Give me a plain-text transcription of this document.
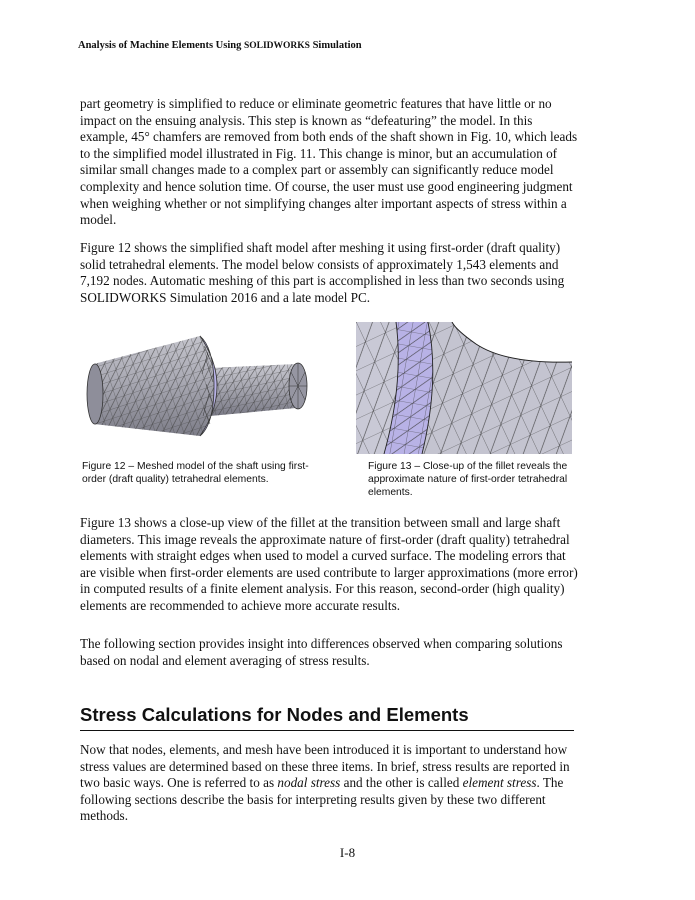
Analysis of Machine Elements Using SOLIDWORKS Simulation

part geometry is simplified to reduce or eliminate geometric features that have little or no impact on the ensuing analysis. This step is known as “defeaturing” the model. In this example, 45° chamfers are removed from both ends of the shaft shown in Fig. 10, which leads to the simplified model illustrated in Fig. 11. This change is minor, but an accumulation of similar small changes made to a complex part or assembly can significantly reduce model complexity and hence solution time. Of course, the user must use good engineering judgment when weighing whether or not simplifying changes alter important aspects of stress within a model.

Figure 12 shows the simplified shaft model after meshing it using first-order (draft quality) solid tetrahedral elements. The model below consists of approximately 1,543 elements and 7,192 nodes. Automatic meshing of this part is accomplished in less than two seconds using SOLIDWORKS Simulation 2016 and a late model PC.

Figure 12 – Meshed model of the shaft using first-order (draft quality) tetrahedral elements.
Figure 13 – Close-up of the fillet reveals the approximate nature of first-order tetrahedral elements.

Figure 13 shows a close-up view of the fillet at the transition between small and large shaft diameters. This image reveals the approximate nature of first-order (draft quality) tetrahedral elements with straight edges when used to model a curved surface. The modeling errors that are visible when first-order elements are used contribute to larger approximations (more error) in computed results of a finite element analysis. For this reason, second-order (high quality) elements are recommended to achieve more accurate results.

The following section provides insight into differences observed when comparing solutions based on nodal and element averaging of stress results.

Stress Calculations for Nodes and Elements

Now that nodes, elements, and mesh have been introduced it is important to understand how stress values are determined based on these three items. In brief, stress results are reported in two basic ways. One is referred to as nodal stress and the other is called element stress. The following sections describe the basis for interpreting results given by these two different methods.

I-8
